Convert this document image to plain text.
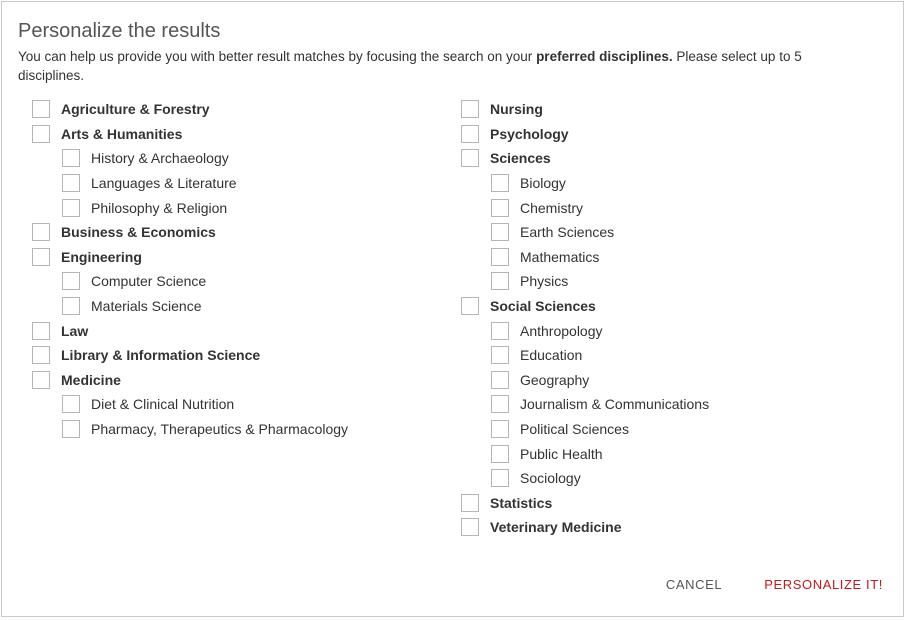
Personalize the results
You can help us provide you with better result matches by focusing the search on your preferred disciplines. Please select up to 5 disciplines.
Agriculture & Forestry
Arts & Humanities
History & Archaeology
Languages & Literature
Philosophy & Religion
Business & Economics
Engineering
Computer Science
Materials Science
Law
Library & Information Science
Medicine
Diet & Clinical Nutrition
Pharmacy, Therapeutics & Pharmacology
Nursing
Psychology
Sciences
Biology
Chemistry
Earth Sciences
Mathematics
Physics
Social Sciences
Anthropology
Education
Geography
Journalism & Communications
Political Sciences
Public Health
Sociology
Statistics
Veterinary Medicine
CANCEL	PERSONALIZE IT!
